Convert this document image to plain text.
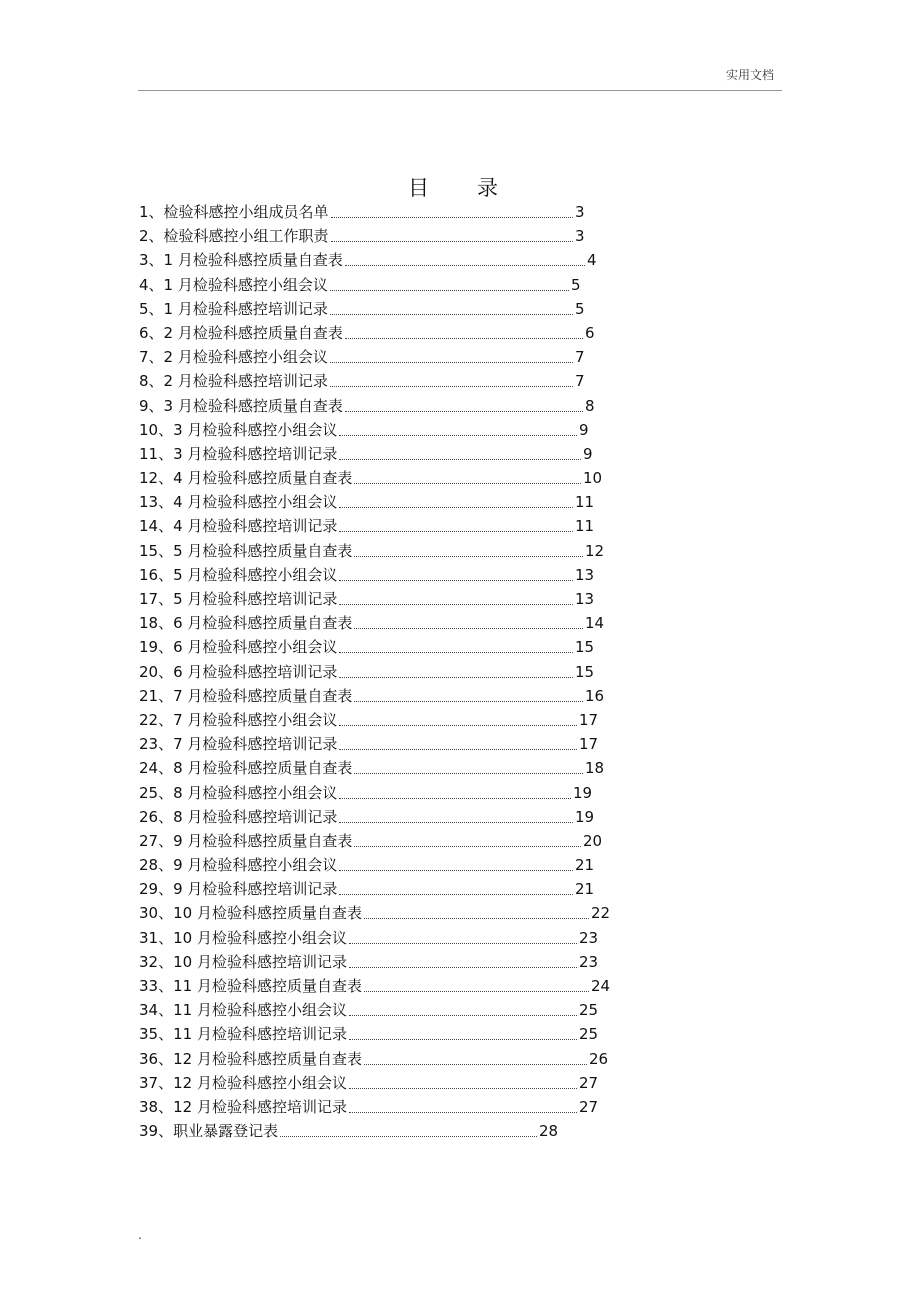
实用文档
目 录
1、检验科感控小组成员名单	3
2、检验科感控小组工作职责	3
3、1 月检验科感控质量自查表	4
4、1 月检验科感控小组会议	5
5、1 月检验科感控培训记录	5
6、2 月检验科感控质量自查表	6
7、2 月检验科感控小组会议	7
8、2 月检验科感控培训记录	7
9、3 月检验科感控质量自查表	8
10、3 月检验科感控小组会议	9
11、3 月检验科感控培训记录	9
12、4 月检验科感控质量自查表	10
13、4 月检验科感控小组会议	11
14、4 月检验科感控培训记录	11
15、5 月检验科感控质量自查表	12
16、5 月检验科感控小组会议	13
17、5 月检验科感控培训记录	13
18、6 月检验科感控质量自查表	14
19、6 月检验科感控小组会议	15
20、6 月检验科感控培训记录	15
21、7 月检验科感控质量自查表	16
22、7 月检验科感控小组会议	17
23、7 月检验科感控培训记录	17
24、8 月检验科感控质量自查表	18
25、8 月检验科感控小组会议	19
26、8 月检验科感控培训记录	19
27、9 月检验科感控质量自查表	20
28、9 月检验科感控小组会议	21
29、9 月检验科感控培训记录	21
30、10 月检验科感控质量自查表	22
31、10 月检验科感控小组会议	23
32、10 月检验科感控培训记录	23
33、11 月检验科感控质量自查表	24
34、11 月检验科感控小组会议	25
35、11 月检验科感控培训记录	25
36、12 月检验科感控质量自查表	26
37、12 月检验科感控小组会议	27
38、12 月检验科感控培训记录	27
39、职业暴露登记表	28
.
